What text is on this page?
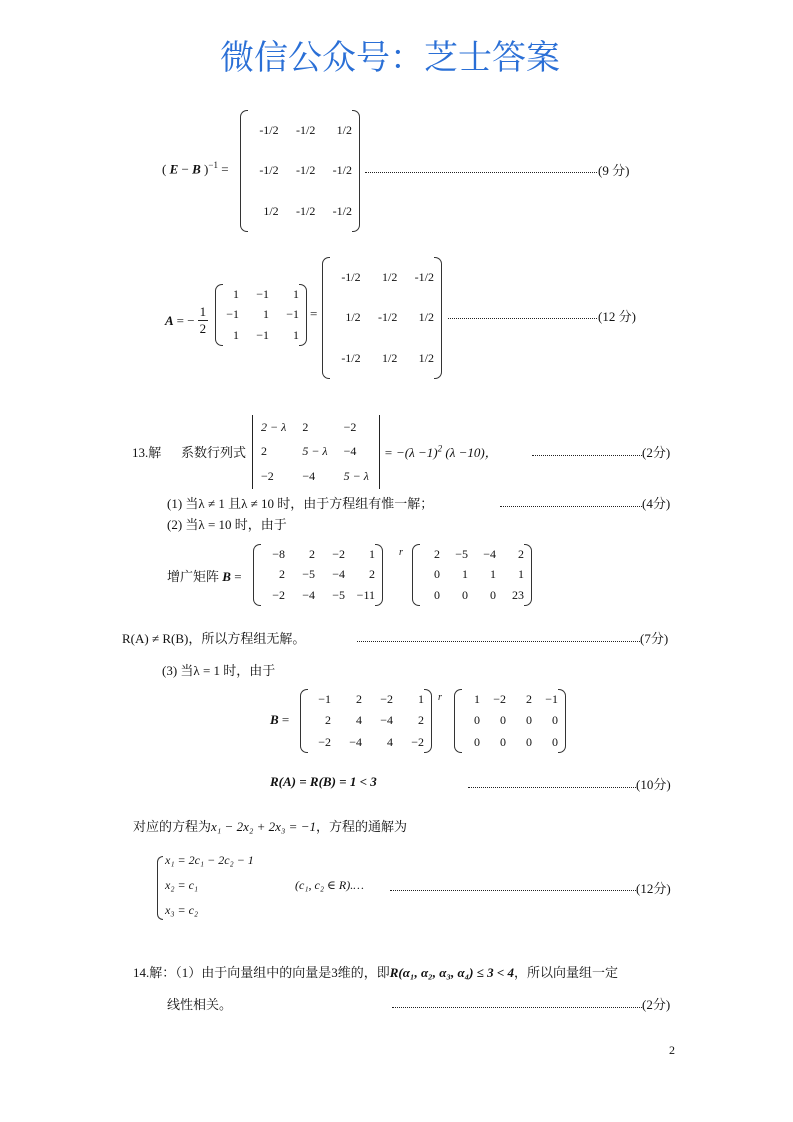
( E − B )$^{-1}$ =
-1/2 -1/2 1/2
-1/2 -1/2 -1/2
1/2 -1/2 -1/2
(9 分)
A = − $\frac{1}{2}$
1 −1 1
−1 1 −1
1 −1 1
=
-1/2 1/2 -1/2
1/2 -1/2 1/2
-1/2 1/2 1/2
(12 分)
13.解 系数行列式
2 − λ 2	−2
2	5 − λ −4
−2 −4 5 − λ
= $-(\lambda -1)^2$ (λ −10)，	(2分)
(1) 当λ ≠ 1 且λ ≠ 10 时，由于方程组有惟一解；	(4分)
(2) 当λ = 10 时，由于
增广矩阵 B =
−8 2 −2 1
2 −5 −4 2
−2 −4 −5 −11
r	2 −5 −4 2
0 1 1 1
0 0 0 23
R(A) ≠ R(B)，所以方程组无解。	(7分)
(3) 当λ = 1 时，由于
B =
−1 2 −2 1
2 4 −4 2
−2 −4 4 −2
r	1 −2 2 −1
0 0 0 0
0 0 0 0
R(A) = R(B) = 1 < 3	(10分)
对应的方程为x₁ − 2x₂ + 2x₃ = −1，方程的通解为
x₁ = 2c₁ − 2c₂ − 1
x₂ = c₁
x₃ = c₂
(c₁, c₂ ∈ R).…	(12分)
14.解：（1）由于向量组中的向量是3维的，即R(α₁, α₂, α₃, α₄) ≤ 3 < 4，所以向量组一定
线性相关。	(2分)
2
微信公众号：芝士答案
